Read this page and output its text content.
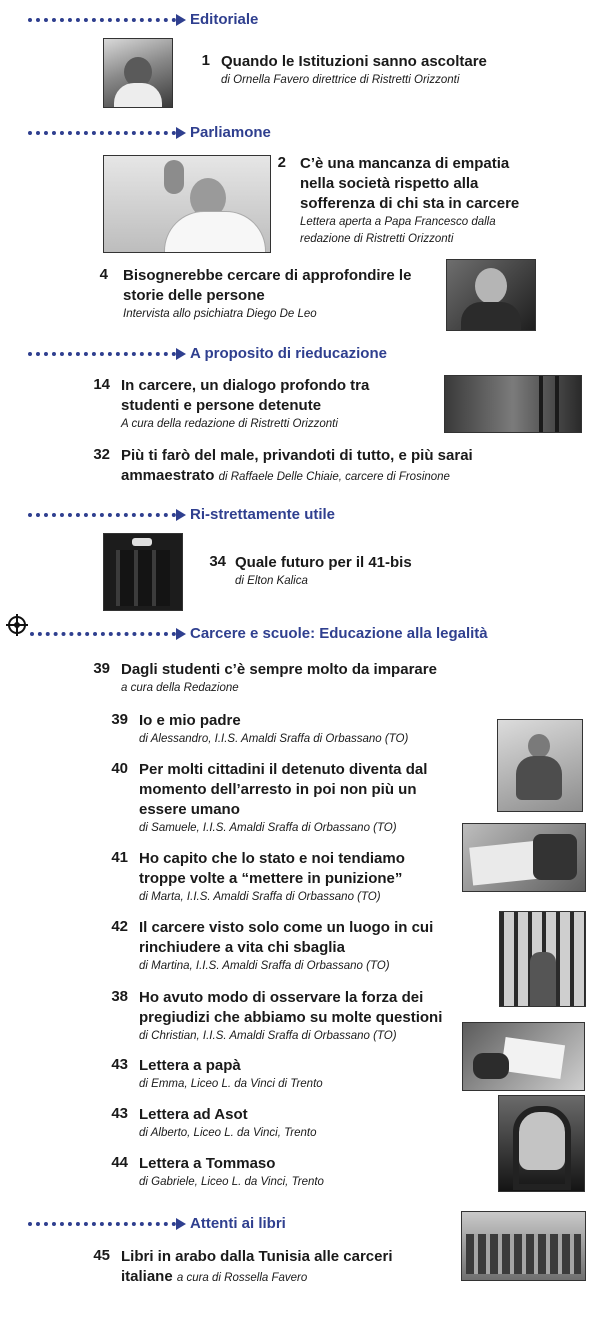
Editoriale
Parliamone
A proposito di rieducazione
Ri-strettamente utile
Carcere e scuole: Educazione alla legalità
Attenti ai libri
1 Quando le Istituzioni sanno ascoltare
di Ornella Favero direttrice di Ristretti Orizzonti
2 C’è una mancanza di empatia nella società rispetto alla sofferenza di chi sta in carcere
Lettera aperta a Papa Francesco dalla redazione di Ristretti Orizzonti
4 Bisognerebbe cercare di approfondire le storie delle persone
Intervista allo psichiatra Diego De Leo
14 In carcere, un dialogo profondo tra studenti e persone detenute
A cura della redazione di Ristretti Orizzonti
32 Più ti farò del male, privandoti di tutto, e più sarai ammaestrato di Raffaele Delle Chiaie, carcere di Frosinone
34 Quale futuro per il 41-bis
di Elton Kalica
39 Dagli studenti c’è sempre molto da imparare
a cura della Redazione
39 Io e mio padre
di Alessandro, I.I.S. Amaldi Sraffa di Orbassano (TO)
40 Per molti cittadini il detenuto diventa dal momento dell’arresto in poi non più un essere umano
di Samuele, I.I.S. Amaldi Sraffa di Orbassano (TO)
41 Ho capito che lo stato e noi tendiamo troppe volte a “mettere in punizione”
di Marta, I.I.S. Amaldi Sraffa di Orbassano (TO)
42 Il carcere visto solo come un luogo in cui rinchiudere a vita chi sbaglia
di Martina, I.I.S. Amaldi Sraffa di Orbassano (TO)
38 Ho avuto modo di osservare la forza dei pregiudizi che abbiamo su molte questioni
di Christian, I.I.S. Amaldi Sraffa di Orbassano (TO)
43 Lettera a papà
di Emma, Liceo L. da Vinci di Trento
43 Lettera ad Asot
di Alberto, Liceo L. da Vinci, Trento
44 Lettera a Tommaso
di Gabriele, Liceo L. da Vinci, Trento
45 Libri in arabo dalla Tunisia alle carceri italiane a cura di Rossella Favero
